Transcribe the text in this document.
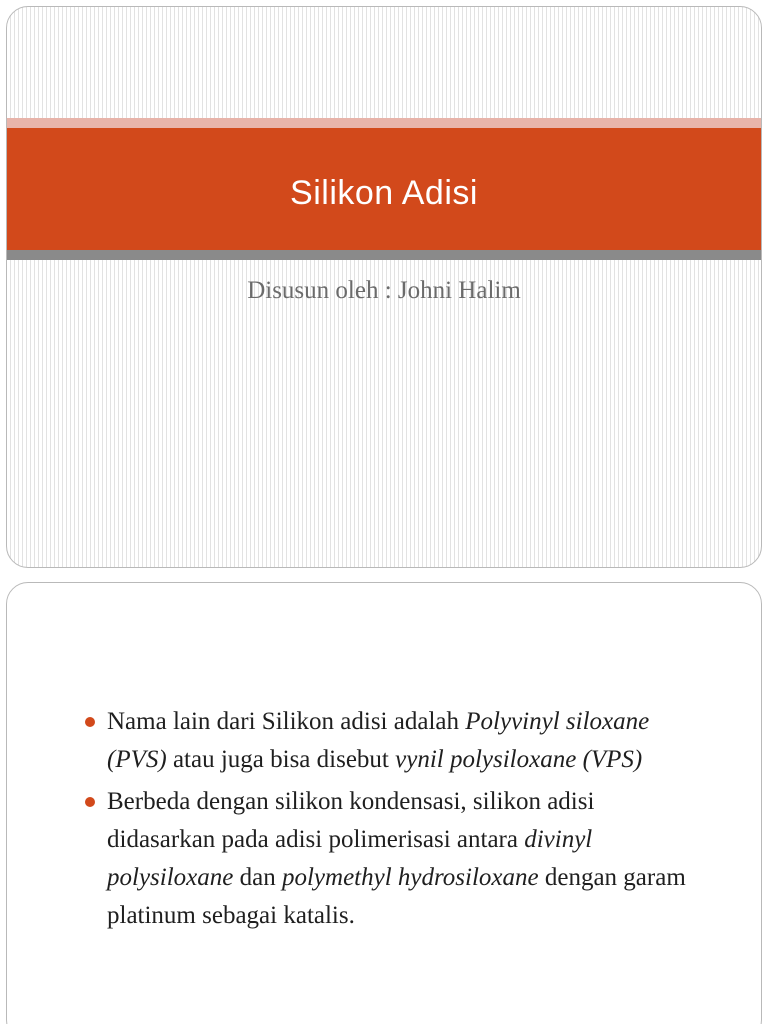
Silikon Adisi
Disusun oleh : Johni Halim
Nama lain dari Silikon adisi adalah Polyvinyl siloxane (PVS) atau juga bisa disebut vynil polysiloxane (VPS)
Berbeda dengan silikon kondensasi, silikon adisi didasarkan pada adisi polimerisasi antara divinyl polysiloxane dan polymethyl hydrosiloxane dengan garam platinum sebagai katalis.
